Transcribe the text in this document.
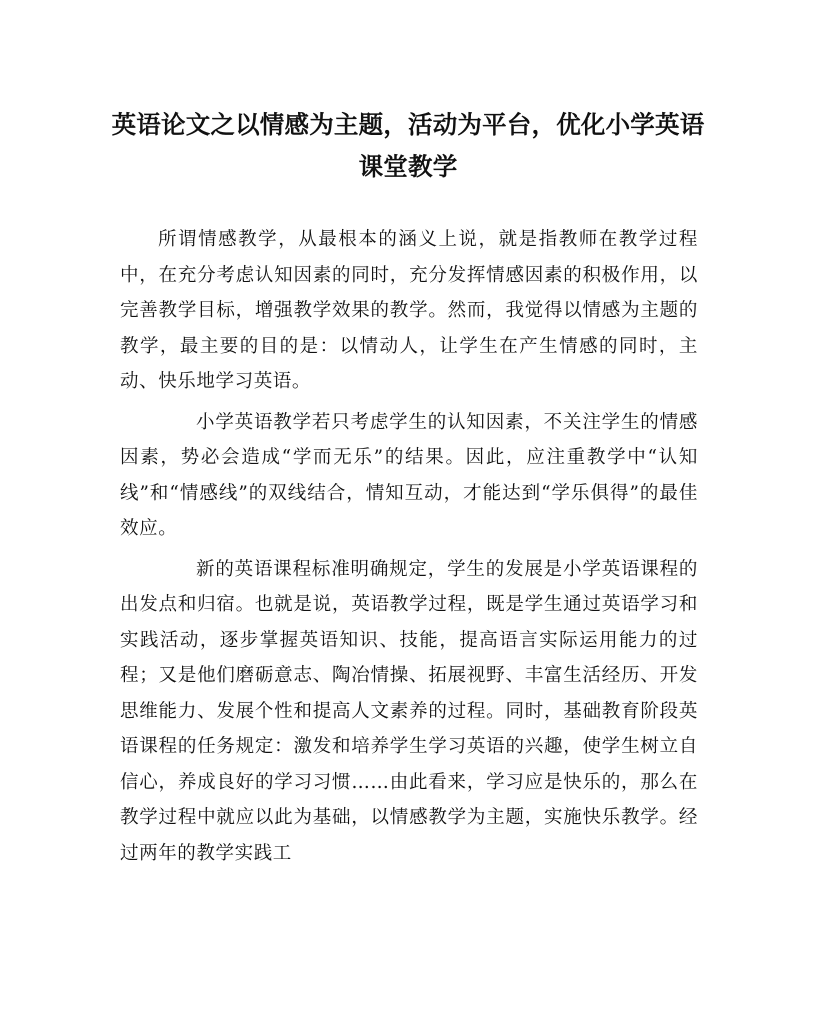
英语论文之以情感为主题，活动为平台，优化小学英语课堂教学

所谓情感教学，从最根本的涵义上说，就是指教师在教学过程中，在充分考虑认知因素的同时，充分发挥情感因素的积极作用，以完善教学目标，增强教学效果的教学。然而，我觉得以情感为主题的教学，最主要的目的是：以情动人，让学生在产生情感的同时，主动、快乐地学习英语。

小学英语教学若只考虑学生的认知因素，不关注学生的情感因素，势必会造成“学而无乐”的结果。因此，应注重教学中“认知线”和“情感线”的双线结合，情知互动，才能达到“学乐俱得”的最佳效应。

新的英语课程标准明确规定，学生的发展是小学英语课程的出发点和归宿。也就是说，英语教学过程，既是学生通过英语学习和实践活动，逐步掌握英语知识、技能，提高语言实际运用能力的过程；又是他们磨砺意志、陶冶情操、拓展视野、丰富生活经历、开发思维能力、发展个性和提高人文素养的过程。同时，基础教育阶段英语课程的任务规定：激发和培养学生学习英语的兴趣，使学生树立自信心，养成良好的学习习惯……由此看来，学习应是快乐的，那么在教学过程中就应以此为基础，以情感教学为主题，实施快乐教学。经过两年的教学实践工
